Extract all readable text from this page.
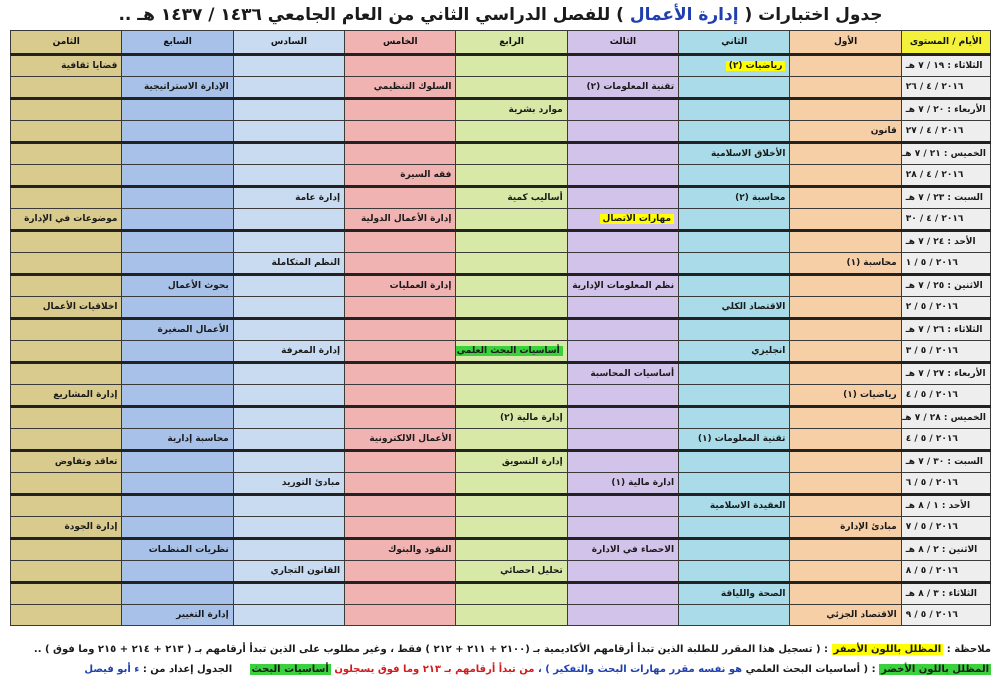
جدول اختبارات ( إدارة الأعمال ) للفصل الدراسي الثاني من العام الجامعي ١٤٣٦ / ١٤٣٧ هـ ..
الأيام / المستوى	الأول	الثاني	الثالث	الرابع	الخامس	السادس	السابع	الثامن
الثلاثاء : ١٩ / ٧ هـ		رياضيات (٢)						قضايا ثقافية
٢٠١٦ / ٤ / ٢٦			تقنية المعلومات (٢)		السلوك التنظيمي		الإدارة الاستراتيجية	
الأربعاء : ٢٠ / ٧ هـ				موارد بشرية				
٢٠١٦ / ٤ / ٢٧	قانون							
الخميس : ٢١ / ٧ هـ		الأخلاق الاسلامية						
٢٠١٦ / ٤ / ٢٨					فقه السيرة			
السبت : ٢٣ / ٧ هـ		محاسبة (٢)		أساليب كمية		إدارة عامة		
٢٠١٦ / ٤ / ٣٠			مهارات الاتصال		إدارة الأعمال الدولية			موضوعات في الإدارة
الأحد : ٢٤ / ٧ هـ								
٢٠١٦ / ٥ / ١	محاسبة (١)					النظم المتكاملة		
الاثنين : ٢٥ / ٧ هـ			نظم المعلومات الإدارية		إدارة العمليات		بحوث الأعمال	
٢٠١٦ / ٥ / ٢		الاقتصاد الكلي						اخلاقيات الأعمال
الثلاثاء : ٢٦ / ٧ هـ							الأعمال الصغيرة	
٢٠١٦ / ٥ / ٣		انجليزي		أساسيات البحث العلمي		إدارة المعرفة		
الأربعاء : ٢٧ / ٧ هـ			أساسيات المحاسبة					
٢٠١٦ / ٥ / ٤	رياضيات (١)							إدارة المشاريع
الخميس : ٢٨ / ٧ هـ				إدارة مالية (٢)				
٢٠١٦ / ٥ / ٤		تقنية المعلومات (١)			الأعمال الالكترونية		محاسبة إدارية	
السبت : ٣٠ / ٧ هـ				إدارة التسويق				تعاقد وتفاوض
٢٠١٦ / ٥ / ٦			ادارة مالية (١)			مبادئ التوريد		
الأحد : ١ / ٨ هـ		العقيدة الاسلامية						
٢٠١٦ / ٥ / ٧	مبادئ الإدارة							إدارة الجودة
الاثنين : ٢ / ٨ هـ			الاحصاء في الادارة		النقود والبنوك		نظريات المنظمات	
٢٠١٦ / ٥ / ٨				تحليل احصائي		القانون التجاري		
الثلاثاء : ٣ / ٨ هـ		الصحة واللياقة						
٢٠١٦ / ٥ / ٩	الاقتصاد الجزئي						إدارة التغيير	
ملاحظة : المظلل باللون الأصفر : ( تسجيل هذا المقرر للطلبة الذين تبدأ أرقامهم الأكاديمية بـ (٢١٠٠ + ٢١١ + ٢١٢ ) فقط ، وغير مطلوب على الذين تبدأ أرقامهم بـ ( ٢١٣ + ٢١٤ + ٢١٥ وما فوق ) ..
المظلل باللون الأخضر : ( أساسيات البحث العلمي هو نفسه مقرر مهارات البحث والتفكير ) ، من تبدأ أرقامهم بـ ٢١٣ وما فوق يسجلون أساسيات البحث     الجدول إعداد من : ء أبو فيصل
